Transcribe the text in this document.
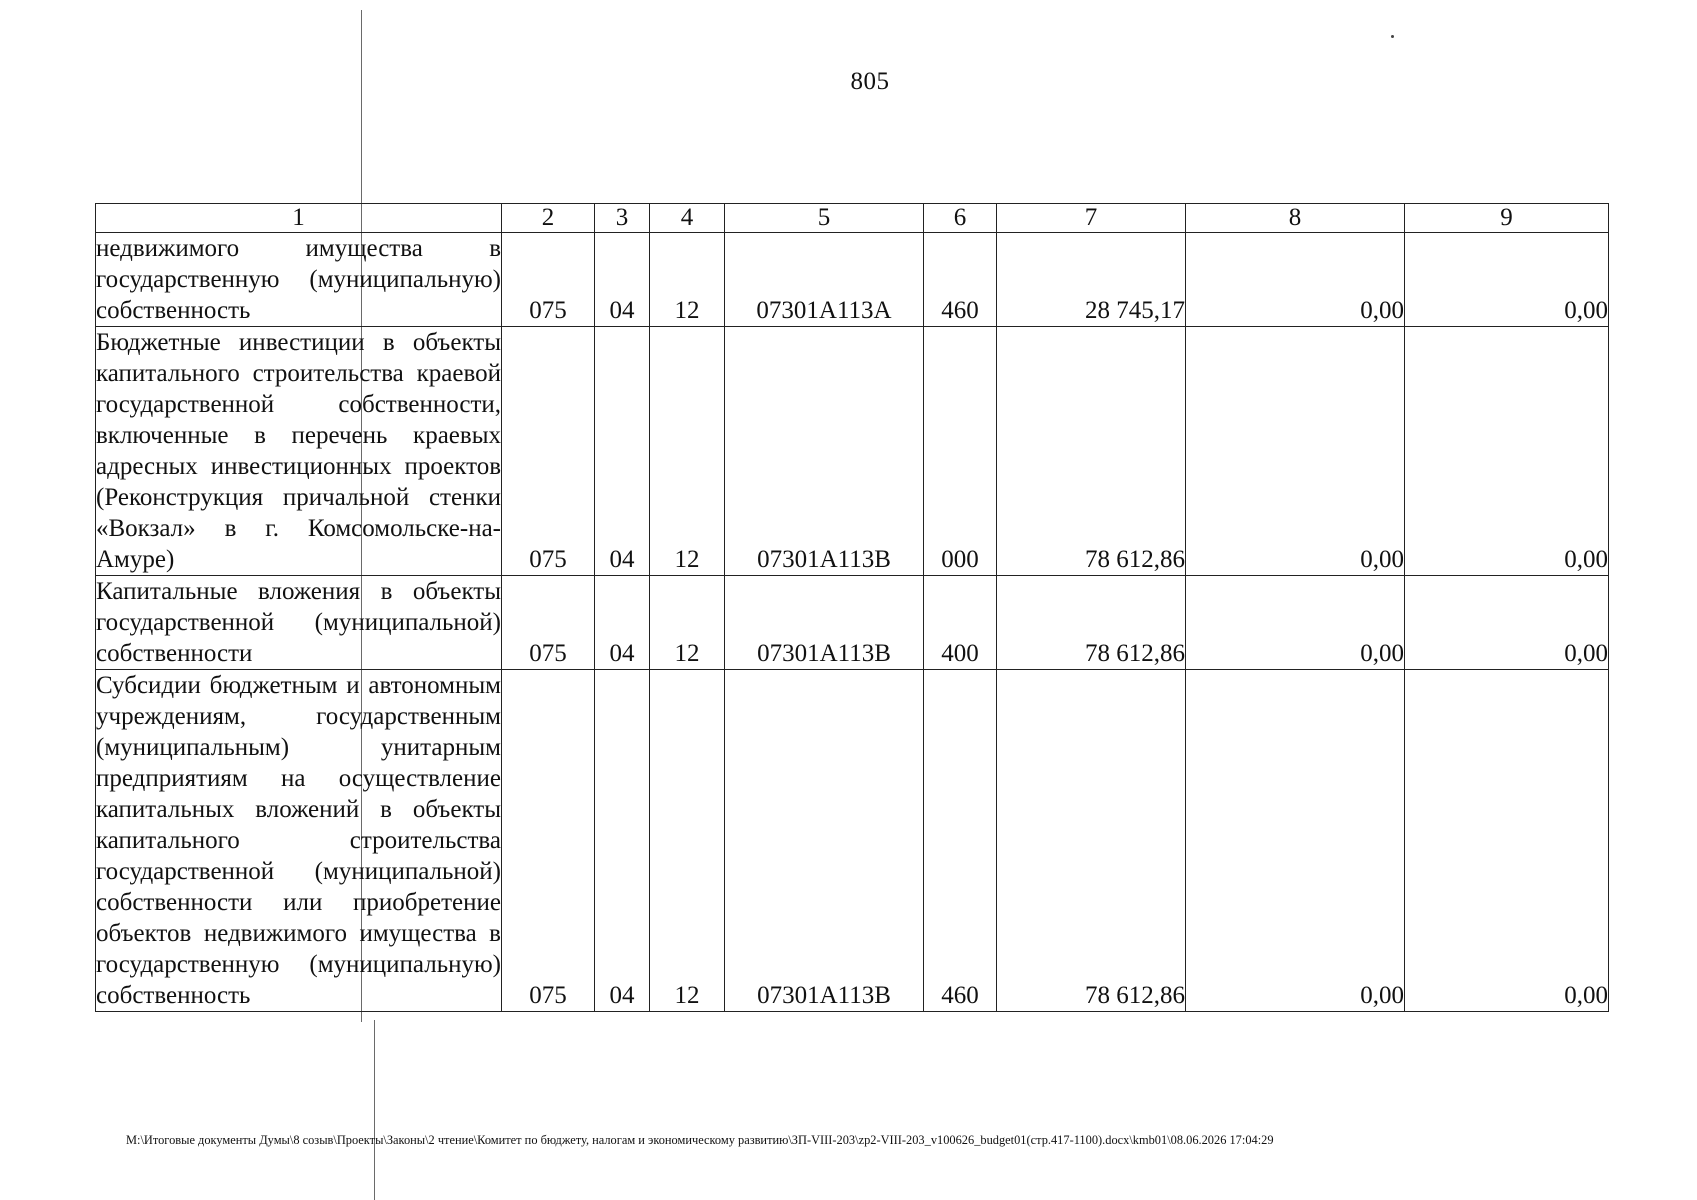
805
1	2	3	4	5	6	7	8	9
недвижимого имущества в государственную (муниципальную) собственность	075	04	12	07301A113A	460	28 745,17	0,00	0,00
Бюджетные инвестиции в объекты капитального строительства краевой государственной собственности, включенные в перечень краевых адресных инвестиционных проектов (Реконструкция причальной стенки «Вокзал» в г. Комсомольске-на-Амуре)	075	04	12	07301A113B	000	78 612,86	0,00	0,00
Капитальные вложения в объекты государственной (муниципальной) собственности	075	04	12	07301A113B	400	78 612,86	0,00	0,00
Субсидии бюджетным и автономным учреждениям, государственным (муниципальным) унитарным предприятиям на осуществление капитальных вложений в объекты капитального строительства государственной (муниципальной) собственности или приобретение объектов недвижимого имущества в государственную (муниципальную) собственность	075	04	12	07301A113B	460	78 612,86	0,00	0,00
M:\Итоговые документы Думы\8 созыв\Проекты\Законы\2 чтение\Комитет по бюджету, налогам и экономическому развитию\ЗП-VIII-203\zp2-VIII-203_v100626_budget01(стр.417-1100).docx\kmb01\08.06.2026 17:04:29
